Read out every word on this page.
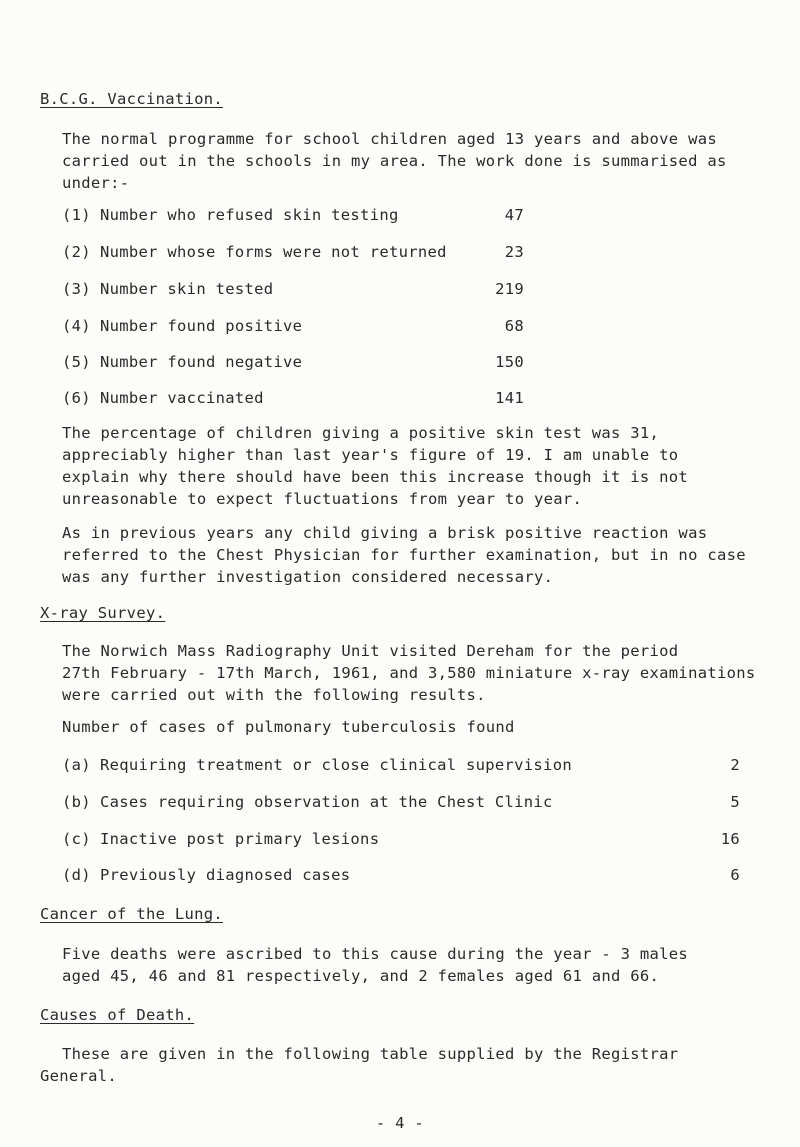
B.C.G. Vaccination.
The normal programme for school children aged 13 years and above was
carried out in the schools in my area. The work done is summarised as
under:-
(1) Number who refused skin testing	47
(2) Number whose forms were not returned	23
(3) Number skin tested	219
(4) Number found positive	68
(5) Number found negative	150
(6) Number vaccinated	141
The percentage of children giving a positive skin test was 31,
appreciably higher than last year's figure of 19. I am unable to
explain why there should have been this increase though it is not
unreasonable to expect fluctuations from year to year.
As in previous years any child giving a brisk positive reaction was
referred to the Chest Physician for further examination, but in no case
was any further investigation considered necessary.
X-ray Survey.
The Norwich Mass Radiography Unit visited Dereham for the period
27th February - 17th March, 1961, and 3,580 miniature x-ray examinations
were carried out with the following results.
Number of cases of pulmonary tuberculosis found
(a) Requiring treatment or close clinical supervision	2
(b) Cases requiring observation at the Chest Clinic	5
(c) Inactive post primary lesions	16
(d) Previously diagnosed cases	6
Cancer of the Lung.
Five deaths were ascribed to this cause during the year - 3 males
aged 45, 46 and 81 respectively, and 2 females aged 61 and 66.
Causes of Death.
These are given in the following table supplied by the Registrar
General.
- 4 -
